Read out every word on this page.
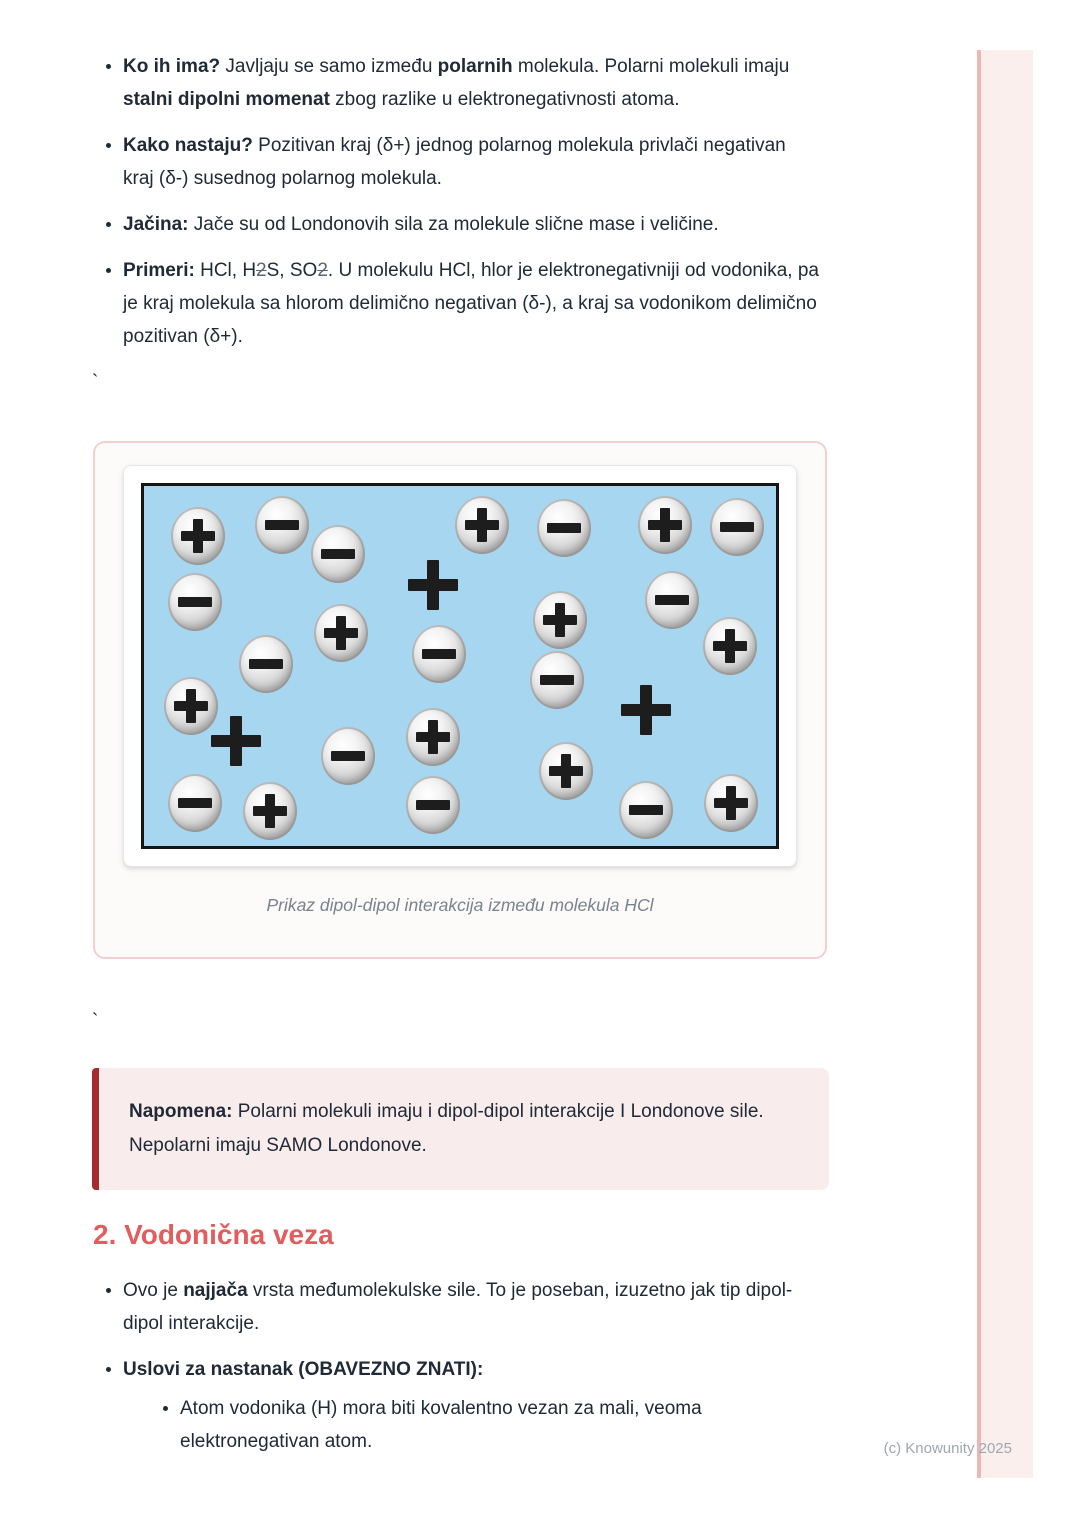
• Ko ih ima? Javljaju se samo između polarnih molekula. Polarni molekuli imaju stalni dipolni momenat zbog razlike u elektronegativnosti atoma.
• Kako nastaju? Pozitivan kraj (δ+) jednog polarnog molekula privlači negativan kraj (δ-) susednog polarnog molekula.
• Jačina: Jače su od Londonovih sila za molekule slične mase i veličine.
• Primeri: HCl, H2S, SO2. U molekulu HCl, hlor je elektronegativniji od vodonika, pa je kraj molekula sa hlorom delimično negativan (δ-), a kraj sa vodonikom delimično pozitivan (δ+).

`

Prikaz dipol-dipol interakcija između molekula HCl

`

Napomena: Polarni molekuli imaju i dipol-dipol interakcije I Londonove sile. Nepolarni imaju SAMO Londonove.

2. Vodonična veza
• Ovo je najjača vrsta međumolekulske sile. To je poseban, izuzetno jak tip dipol-dipol interakcije.
• Uslovi za nastanak (OBAVEZNO ZNATI):
• Atom vodonika (H) mora biti kovalentno vezan za mali, veoma elektronegativan atom.	(c) Knowunity 2025
